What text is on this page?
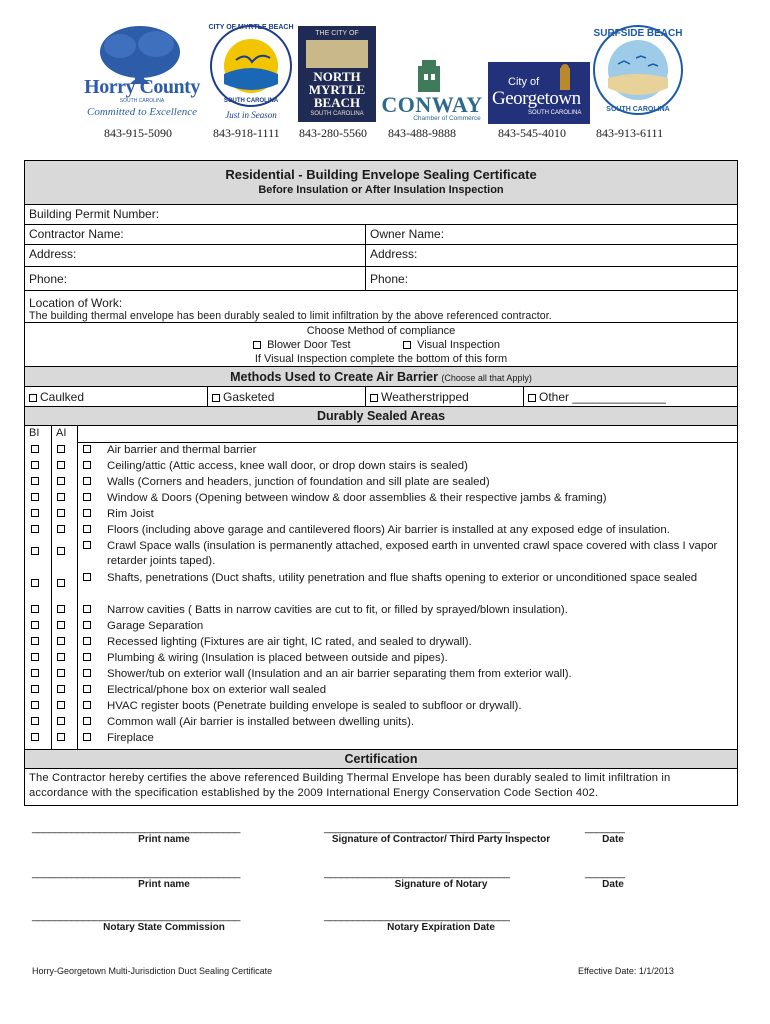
Horry County
SOUTH CAROLINA
Committed to Excellence
CITY OF MYRTLE BEACH
SOUTH CAROLINA
Just in Season
THE CITY OF
NORTH
MYRTLE
BEACH
SOUTH CAROLINA CONWAY
Chamber of Commerce
City of
Georgetown
SOUTH CAROLINA
SURFSIDE BEACH
SOUTH CAROLINA
843-915-5090	843-918-1111 843-280-5560 843-488-9888	843-545-4010	843-913-6111
Residential - Building Envelope Sealing Certificate
Before Insulation or After Insulation Inspection
Building Permit Number:
Contractor Name:	Owner Name:
Address:	Address:
Phone:	Phone:
Location of Work:
The building thermal envelope has been durably sealed to limit infiltration by the above referenced contractor.
Choose Method of compliance
Blower Door Test	Visual Inspection
If Visual Inspection complete the bottom of this form
Methods Used to Create Air Barrier (Choose all that Apply)
Caulked	Gasketed	Weatherstripped	Other ______________
Durably Sealed Areas
BI AI
Air barrier and thermal barrier
Ceiling/attic (Attic access, knee wall door, or drop down stairs is sealed)
Walls (Corners and headers, junction of foundation and sill plate are sealed)
Window & Doors (Opening between window & door assemblies & their respective jambs & framing)
Rim Joist
Floors (including above garage and cantilevered floors) Air barrier is installed at any exposed edge of insulation.
Crawl Space walls (insulation is permanently attached, exposed earth in unvented crawl space covered with class I vapor retarder joints taped).
Shafts, penetrations (Duct shafts, utility penetration and flue shafts opening to exterior or unconditioned space sealed
Narrow cavities ( Batts in narrow cavities are cut to fit, or filled by sprayed/blown insulation).
Garage Separation
Recessed lighting (Fixtures are air tight, IC rated, and sealed to drywall).
Plumbing & wiring (Insulation is placed between outside and pipes).
Shower/tub on exterior wall (Insulation and an air barrier separating them from exterior wall).
Electrical/phone box on exterior wall sealed
HVAC register boots (Penetrate building envelope is sealed to subfloor or drywall).
Common wall (Air barrier is installed between dwelling units).
Fireplace
Certification
The Contractor hereby certifies the above referenced Building Thermal Envelope has been durably sealed to limit infiltration in accordance with the specification established by the 2009 International Energy Conservation Code Section 402.
_____________________________________	_________________________________	_______
Print name	Signature of Contractor/ Third Party Inspector	Date
_____________________________________	_________________________________	_______
Print name	Signature of Notary	Date
_____________________________________	_________________________________
Notary State Commission	Notary Expiration Date
Horry-Georgetown Multi-Jurisdiction Duct Sealing Certificate	Effective Date: 1/1/2013
